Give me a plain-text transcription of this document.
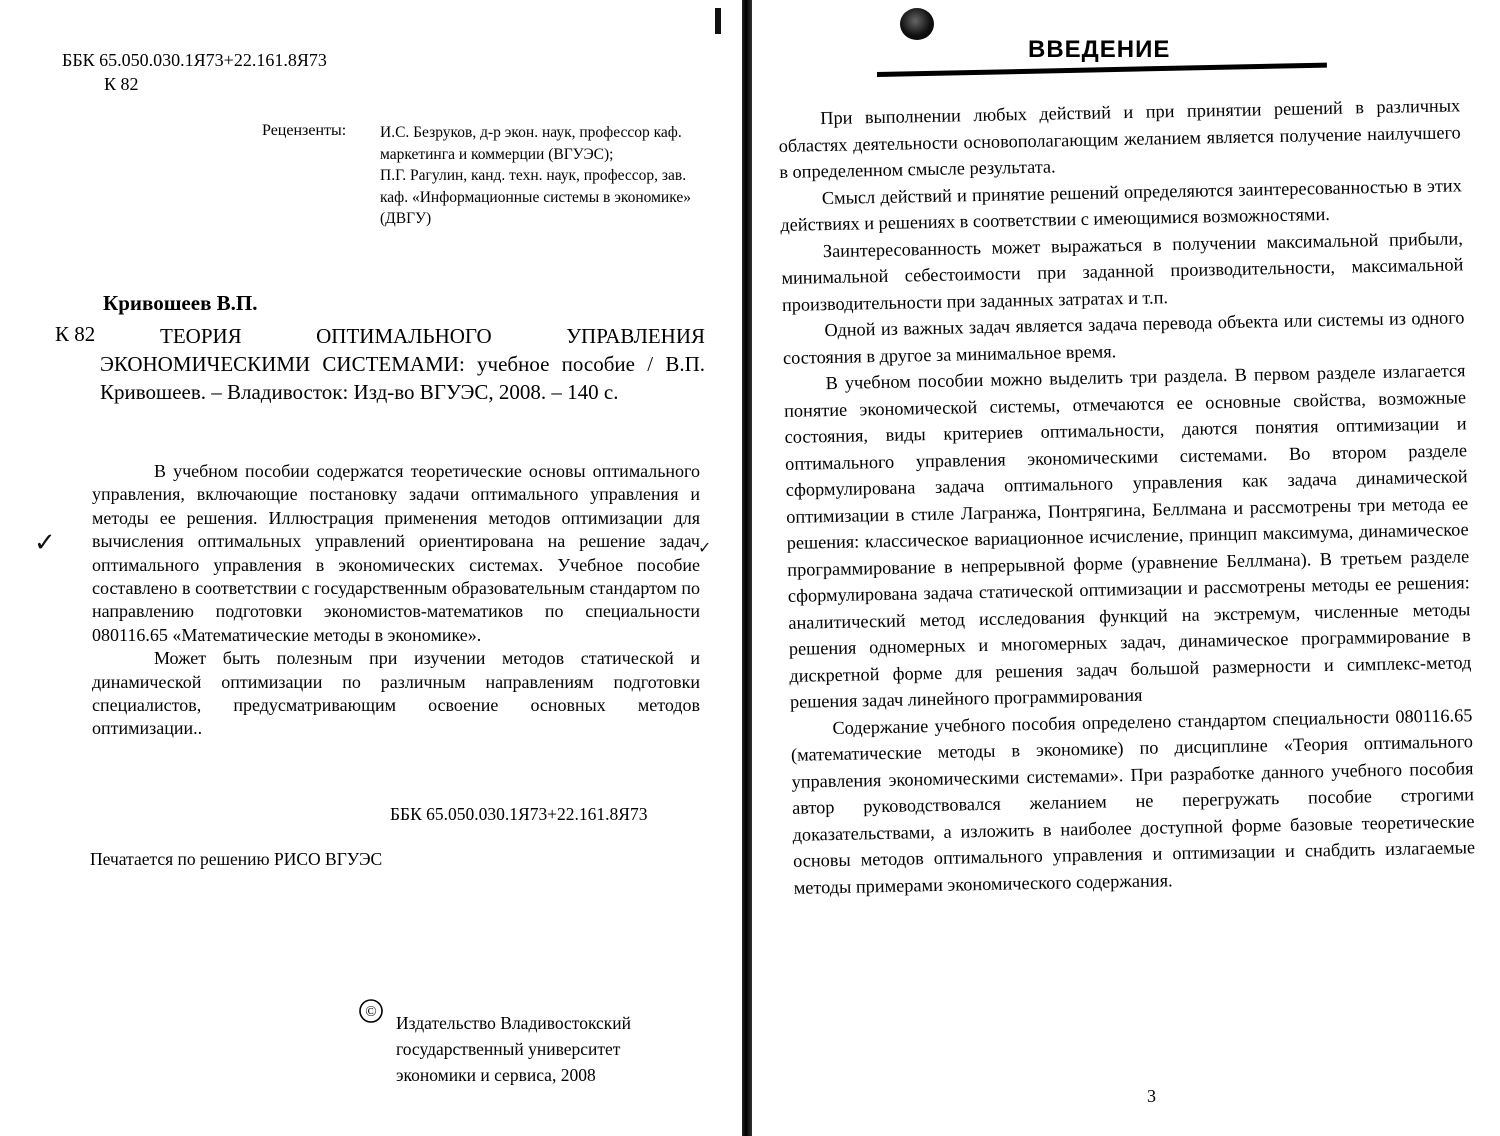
ББК 65.050.030.1Я73+22.161.8Я73
К 82
Рецензенты: И.С. Безруков, д-р экон. наук, профессор каф. маркетинга и коммерции (ВГУЭС);
П.Г. Рагулин, канд. техн. наук, профессор, зав. каф. «Информационные системы в экономике» (ДВГУ)
Кривошеев В.П.
К 82	ТЕОРИЯ ОПТИМАЛЬНОГО УПРАВЛЕНИЯ ЭКОНОМИЧЕСКИМИ СИСТЕМАМИ: учебное пособие / В.П. Кривошеев. – Владивосток: Изд-во ВГУЭС, 2008. – 140 с.

В учебном пособии содержатся теоретические основы оптимального управления, включающие постановку задачи оптимального управления и методы ее решения. Иллюстрация применения методов оптимизации для вычисления оптимальных управлений ориентирована на решение задач оптимального управления в экономических системах. Учебное пособие составлено в соответствии с государственным образовательным стандартом по направлению подготовки экономистов-математиков по специальности 080116.65 «Математические методы в экономике».

Может быть полезным при изучении методов статической и динамической оптимизации по различным направлениям подготовки специалистов, предусматривающим освоение основных методов оптимизации..

✓	✓
ББК 65.050.030.1Я73+22.161.8Я73
Печатается по решению РИСО ВГУЭС
©
Издательство Владивостокский
государственный университет
экономики и сервиса, 2008
ВВЕДЕНИЕ

При выполнении любых действий и при принятии решений в различных областях деятельности основополагающим желанием является получение наилучшего в определенном смысле результата.

Смысл действий и принятие решений определяются заинтересованностью в этих действиях и решениях в соответствии с имеющимися возможностями.

Заинтересованность может выражаться в получении максимальной прибыли, минимальной себестоимости при заданной производительности, максимальной производительности при заданных затратах и т.п.

Одной из важных задач является задача перевода объекта или системы из одного состояния в другое за минимальное время.

В учебном пособии можно выделить три раздела. В первом разделе излагается понятие экономической системы, отмечаются ее основные свойства, возможные состояния, виды критериев оптимальности, даются понятия оптимизации и оптимального управления экономическими системами. Во втором разделе сформулирована задача оптимального управления как задача динамической оптимизации в стиле Лагранжа, Понтрягина, Беллмана и рассмотрены три метода ее решения: классическое вариационное исчисление, принцип максимума, динамическое программирование в непрерывной форме (уравнение Беллмана). В третьем разделе сформулирована задача статической оптимизации и рассмотрены методы ее решения: аналитический метод исследования функций на экстремум, численные методы решения одномерных и многомерных задач, динамическое программирование в дискретной форме для решения задач большой размерности и симплекс-метод решения задач линейного программирования

Содержание учебного пособия определено стандартом специальности 080116.65 (математические методы в экономике) по дисциплине «Теория оптимального управления экономическими системами». При разработке данного учебного пособия автор руководствовался желанием не перегружать пособие строгими доказательствами, а изложить в наиболее доступной форме базовые теоретические основы методов оптимального управления и оптимизации и снабдить излагаемые методы примерами экономического содержания.

3
